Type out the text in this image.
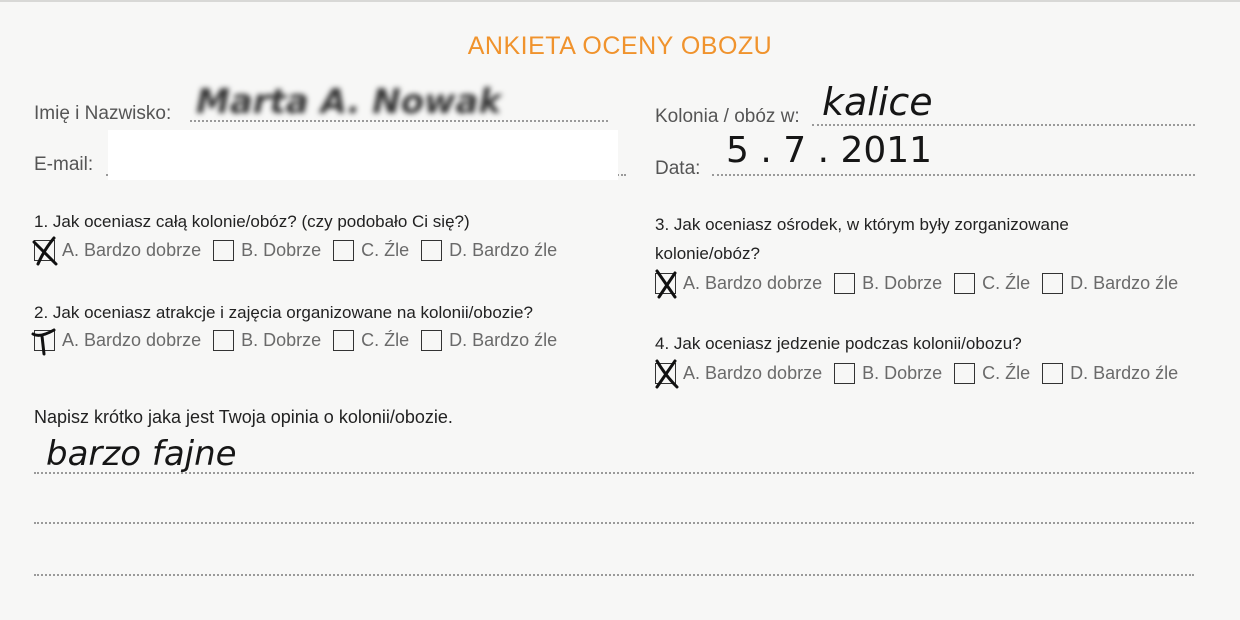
ANKIETA OCENY OBOZU
Imię i Nazwisko: Marta A. Nowak
E-mail:
Kolonia / obóz w: kalice
Data: 5 . 7 . 2011
1. Jak oceniasz całą kolonie/obóz? (czy podobało Ci się?)
A. Bardzo dobrze B. Dobrze C. Źle D. Bardzo źle
2. Jak oceniasz atrakcje i zajęcia organizowane na kolonii/obozie?
A. Bardzo dobrze B. Dobrze C. Źle D. Bardzo źle
3. Jak oceniasz ośrodek, w którym były zorganizowane
kolonie/obóz?
A. Bardzo dobrze B. Dobrze C. Źle D. Bardzo źle
4. Jak oceniasz jedzenie podczas kolonii/obozu?
A. Bardzo dobrze B. Dobrze C. Źle D. Bardzo źle
Napisz krótko jaka jest Twoja opinia o kolonii/obozie.
barzo fajne
